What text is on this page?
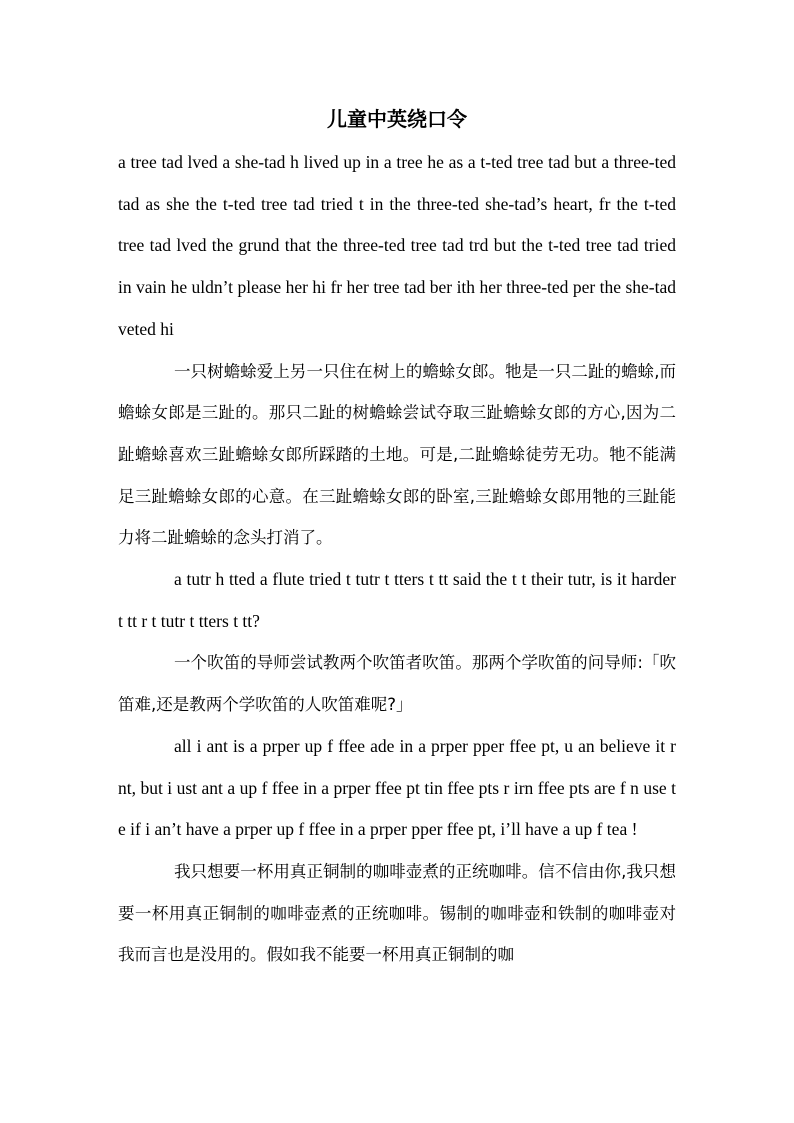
儿童中英绕口令

a tree tad lved a she-tad h lived up in a tree he as a t-ted tree tad but a three-ted tad as she the t-ted tree tad tried t in the three-ted she-tad’s heart, fr the t-ted tree tad lved the grund that the three-ted tree tad trd but the t-ted tree tad tried in vain he uldn’t please her hi fr her tree tad ber ith her three-ted per the she-tad veted hi

一只树蟾蜍爱上另一只住在树上的蟾蜍女郎。牠是一只二趾的蟾蜍,而蟾蜍女郎是三趾的。那只二趾的树蟾蜍尝试夺取三趾蟾蜍女郎的方心,因为二趾蟾蜍喜欢三趾蟾蜍女郎所踩踏的土地。可是,二趾蟾蜍徒劳无功。牠不能满足三趾蟾蜍女郎的心意。在三趾蟾蜍女郎的卧室,三趾蟾蜍女郎用牠的三趾能力将二趾蟾蜍的念头打消了。

a tutr h tted a flute tried t tutr t tters t tt said the t t their tutr, is it harder t tt r t tutr t tters t tt?

一个吹笛的导师尝试教两个吹笛者吹笛。那两个学吹笛的问导师:「吹笛难,还是教两个学吹笛的人吹笛难呢?」

all i ant is a prper up f ffee ade in a prper pper ffee pt, u an believe it r nt, but i ust ant a up f ffee in a prper ffee pt tin ffee pts r irn ffee pts are f n use t e if i an’t have a prper up f ffee in a prper pper ffee pt, i’ll have a up f tea !

我只想要一杯用真正铜制的咖啡壶煮的正统咖啡。信不信由你,我只想要一杯用真正铜制的咖啡壶煮的正统咖啡。锡制的咖啡壶和铁制的咖啡壶对我而言也是没用的。假如我不能要一杯用真正铜制的咖
